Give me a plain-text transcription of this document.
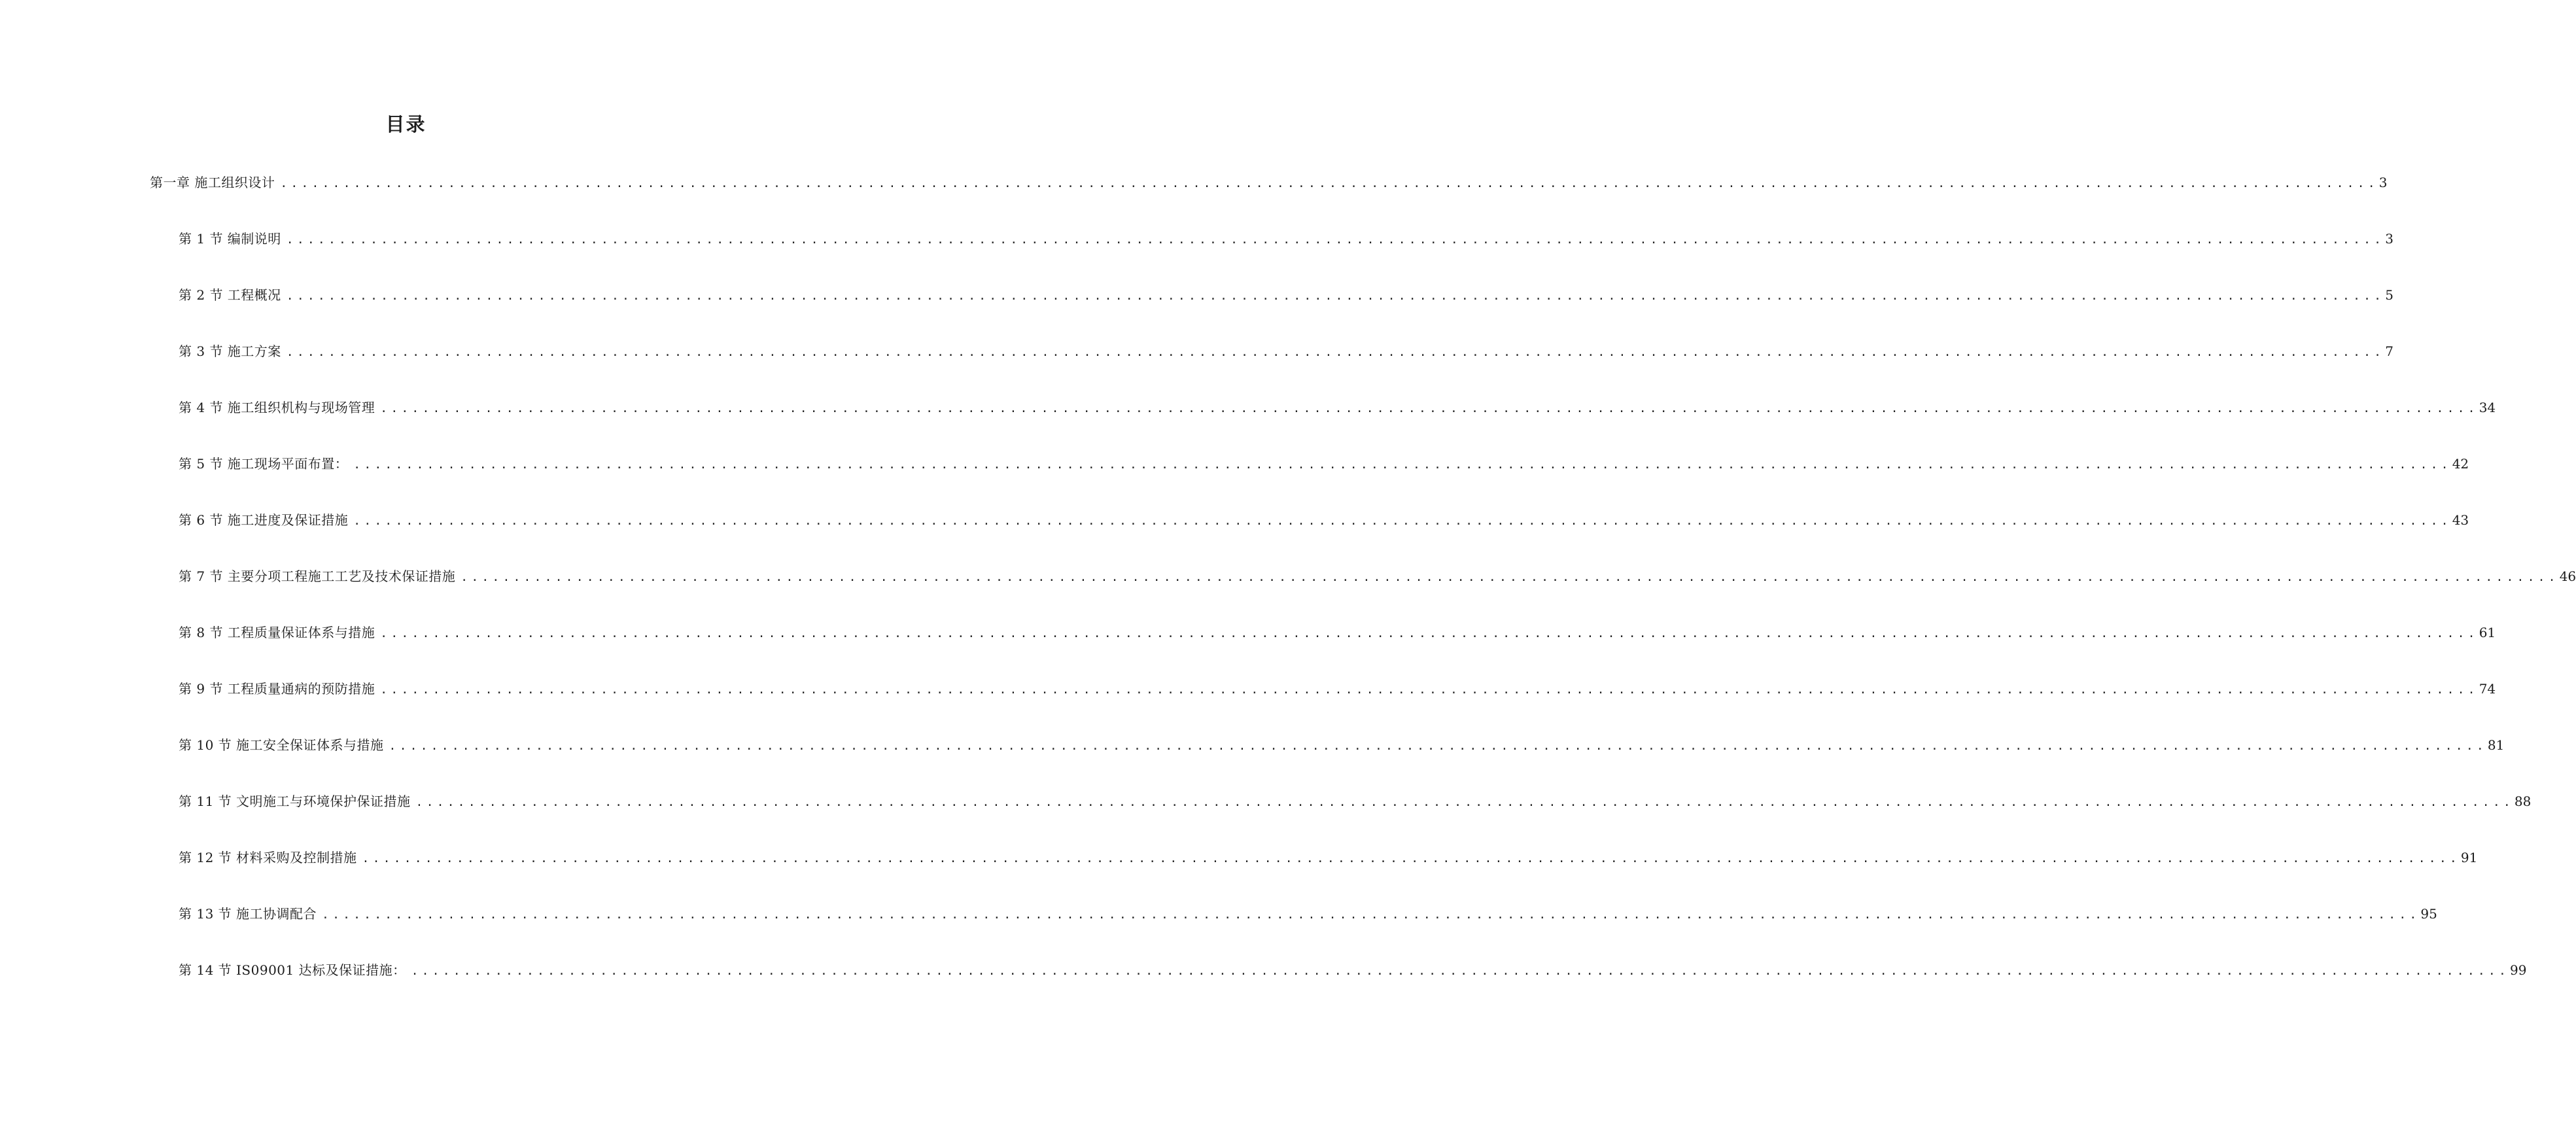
目录
第一章 施工组织设计 ........................................................................................................................................................................................................ 3
第 1 节 编制说明 ........................................................................................................................................................................................................ 3
第 2 节 工程概况 ........................................................................................................................................................................................................ 5
第 3 节 施工方案 ........................................................................................................................................................................................................ 7
第 4 节 施工组织机构与现场管理 ........................................................................................................................................................................................................ 34
第 5 节 施工现场平面布置： ........................................................................................................................................................................................................ 42
第 6 节 施工进度及保证措施 ........................................................................................................................................................................................................ 43
第 7 节 主要分项工程施工工艺及技术保证措施 ........................................................................................................................................................................................................ 46
第 8 节 工程质量保证体系与措施 ........................................................................................................................................................................................................ 61
第 9 节 工程质量通病的预防措施 ........................................................................................................................................................................................................ 74
第 10 节 施工安全保证体系与措施 ........................................................................................................................................................................................................ 81
第 11 节 文明施工与环境保护保证措施 ........................................................................................................................................................................................................ 88
第 12 节 材料采购及控制措施 ........................................................................................................................................................................................................ 91
第 13 节 施工协调配合 ........................................................................................................................................................................................................ 95
第 14 节 IS09001 达标及保证措施： ........................................................................................................................................................................................................ 99
